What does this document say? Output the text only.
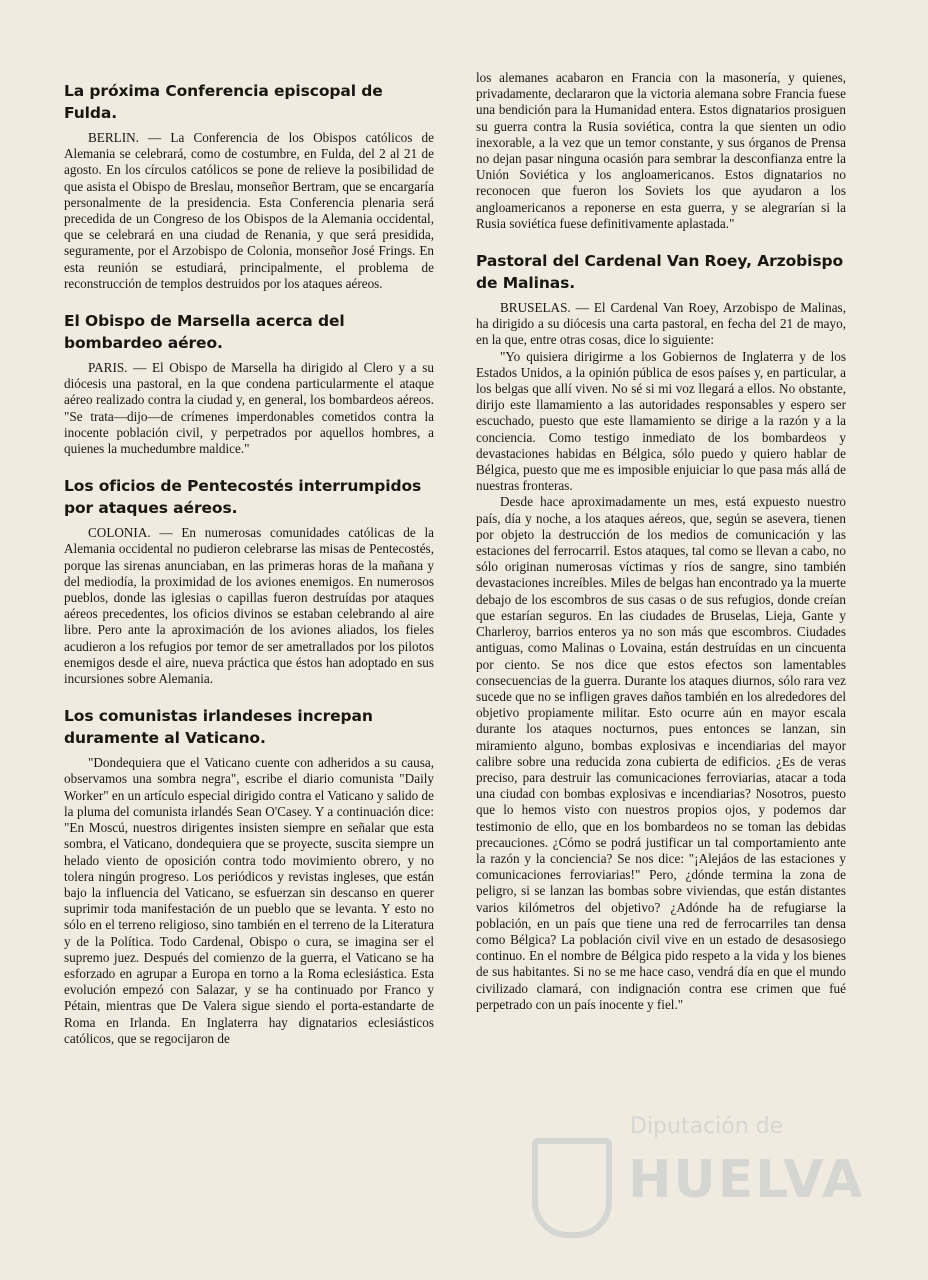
La próxima Conferencia episcopal de Fulda.

BERLIN. — La Conferencia de los Obispos católicos de Alemania se celebrará, como de costumbre, en Fulda, del 2 al 21 de agosto. En los círculos católicos se pone de relieve la posibilidad de que asista el Obispo de Breslau, monseñor Bertram, que se encargaría personalmente de la presidencia. Esta Conferencia plenaria será precedida de un Congreso de los Obispos de la Alemania occidental, que se celebrará en una ciudad de Renania, y que será presidida, seguramente, por el Arzobispo de Colonia, monseñor José Frings. En esta reunión se estudiará, principalmente, el problema de reconstrucción de templos destruidos por los ataques aéreos.

El Obispo de Marsella acerca del bombardeo aéreo.

PARIS. — El Obispo de Marsella ha dirigido al Clero y a su diócesis una pastoral, en la que condena particularmente el ataque aéreo realizado contra la ciudad y, en general, los bombardeos aéreos. "Se trata—dijo—de crímenes imperdonables cometidos contra la inocente población civil, y perpetrados por aquellos hombres, a quienes la muchedumbre maldice."

Los oficios de Pentecostés interrumpidos por ataques aéreos.

COLONIA. — En numerosas comunidades católicas de la Alemania occidental no pudieron celebrarse las misas de Pentecostés, porque las sirenas anunciaban, en las primeras horas de la mañana y del mediodía, la proximidad de los aviones enemigos. En numerosos pueblos, donde las iglesias o capillas fueron destruídas por ataques aéreos precedentes, los oficios divinos se estaban celebrando al aire libre. Pero ante la aproximación de los aviones aliados, los fieles acudieron a los refugios por temor de ser ametrallados por los pilotos enemigos desde el aire, nueva práctica que éstos han adoptado en sus incursiones sobre Alemania.

Los comunistas irlandeses increpan duramente al Vaticano.

"Dondequiera que el Vaticano cuente con adheridos a su causa, observamos una sombra negra", escribe el diario comunista "Daily Worker" en un artículo especial dirigido contra el Vaticano y salido de la pluma del comunista irlandés Sean O'Casey. Y a continuación dice: "En Moscú, nuestros dirigentes insisten siempre en señalar que esta sombra, el Vaticano, dondequiera que se proyecte, suscita siempre un helado viento de oposición contra todo movimiento obrero, y no tolera ningún progreso. Los periódicos y revistas ingleses, que están bajo la influencia del Vaticano, se esfuerzan sin descanso en querer suprimir toda manifestación de un pueblo que se levanta. Y esto no sólo en el terreno religioso, sino también en el terreno de la Literatura y de la Política. Todo Cardenal, Obispo o cura, se imagina ser el supremo juez. Después del comienzo de la guerra, el Vaticano se ha esforzado en agrupar a Europa en torno a la Roma eclesiástica. Esta evolución empezó con Salazar, y se ha continuado por Franco y Pétain, mientras que De Valera sigue siendo el porta-estandarte de Roma en Irlanda. En Inglaterra hay dignatarios eclesiásticos católicos, que se regocijaron de

los alemanes acabaron en Francia con la masonería, y quienes, privadamente, declararon que la victoria alemana sobre Francia fuese una bendición para la Humanidad entera. Estos dignatarios prosiguen su guerra contra la Rusia soviética, contra la que sienten un odio inexorable, a la vez que un temor constante, y sus órganos de Prensa no dejan pasar ninguna ocasión para sembrar la desconfianza entre la Unión Soviética y los angloamericanos. Estos dignatarios no reconocen que fueron los Soviets los que ayudaron a los angloamericanos a reponerse en esta guerra, y se alegrarían si la Rusia soviética fuese definitivamente aplastada."

Pastoral del Cardenal Van Roey, Arzobispo de Malinas.

BRUSELAS. — El Cardenal Van Roey, Arzobispo de Malinas, ha dirigido a su diócesis una carta pastoral, en fecha del 21 de mayo, en la que, entre otras cosas, dice lo siguiente:

"Yo quisiera dirigirme a los Gobiernos de Inglaterra y de los Estados Unidos, a la opinión pública de esos países y, en particular, a los belgas que allí viven. No sé si mi voz llegará a ellos. No obstante, dirijo este llamamiento a las autoridades responsables y espero ser escuchado, puesto que este llamamiento se dirige a la razón y a la conciencia. Como testigo inmediato de los bombardeos y devastaciones habidas en Bélgica, sólo puedo y quiero hablar de Bélgica, puesto que me es imposible enjuiciar lo que pasa más allá de nuestras fronteras.

Desde hace aproximadamente un mes, está expuesto nuestro país, día y noche, a los ataques aéreos, que, según se asevera, tienen por objeto la destrucción de los medios de comunicación y las estaciones del ferrocarril. Estos ataques, tal como se llevan a cabo, no sólo originan numerosas víctimas y ríos de sangre, sino también devastaciones increíbles. Miles de belgas han encontrado ya la muerte debajo de los escombros de sus casas o de sus refugios, donde creían que estarían seguros. En las ciudades de Bruselas, Lieja, Gante y Charleroy, barrios enteros ya no son más que escombros. Ciudades antiguas, como Malinas o Lovaina, están destruídas en un cincuenta por ciento. Se nos dice que estos efectos son lamentables consecuencias de la guerra. Durante los ataques diurnos, sólo rara vez sucede que no se infligen graves daños también en los alrededores del objetivo propiamente militar. Esto ocurre aún en mayor escala durante los ataques nocturnos, pues entonces se lanzan, sin miramiento alguno, bombas explosivas e incendiarias del mayor calibre sobre una reducida zona cubierta de edificios. ¿Es de veras preciso, para destruir las comunicaciones ferroviarias, atacar a toda una ciudad con bombas explosivas e incendiarias? Nosotros, puesto que lo hemos visto con nuestros propios ojos, y podemos dar testimonio de ello, que en los bombardeos no se toman las debidas precauciones. ¿Cómo se podrá justificar un tal comportamiento ante la razón y la conciencia? Se nos dice: "¡Alejáos de las estaciones y comunicaciones ferroviarias!" Pero, ¿dónde termina la zona de peligro, si se lanzan las bombas sobre viviendas, que están distantes varios kilómetros del objetivo? ¿Adónde ha de refugiarse la población, en un país que tiene una red de ferrocarriles tan densa como Bélgica? La población civil vive en un estado de desasosiego continuo. En el nombre de Bélgica pido respeto a la vida y los bienes de sus habitantes. Si no se me hace caso, vendrá día en que el mundo civilizado clamará, con indignación contra ese crimen que fué perpetrado con un país inocente y fiel."

Diputación de
HUELVA
